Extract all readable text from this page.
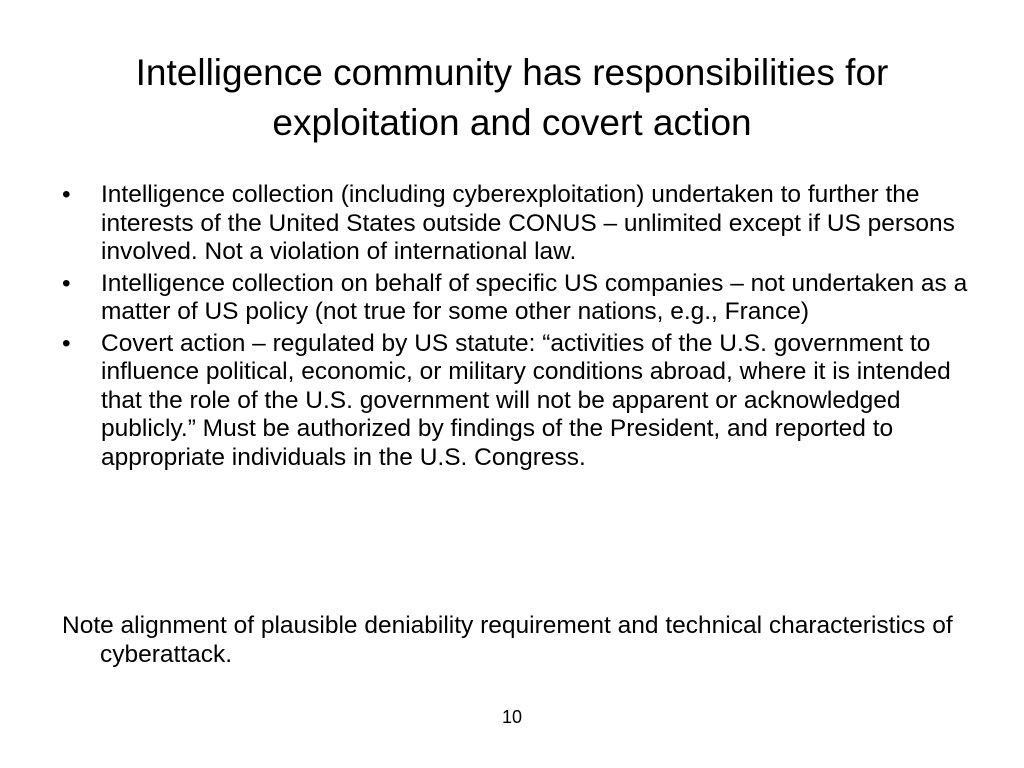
Intelligence community has responsibilities for exploitation and covert action
•	Intelligence collection (including cyberexploitation) undertaken to further the interests of the United States outside CONUS – unlimited except if US persons involved. Not a violation of international law.
•	Intelligence collection on behalf of specific US companies – not undertaken as a matter of US policy (not true for some other nations, e.g., France)
•	Covert action – regulated by US statute: “activities of the U.S. government to influence political, economic, or military conditions abroad, where it is intended that the role of the U.S. government will not be apparent or acknowledged publicly.” Must be authorized by findings of the President, and reported to appropriate individuals in the U.S. Congress.

Note alignment of plausible deniability requirement and technical characteristics of cyberattack.

10
